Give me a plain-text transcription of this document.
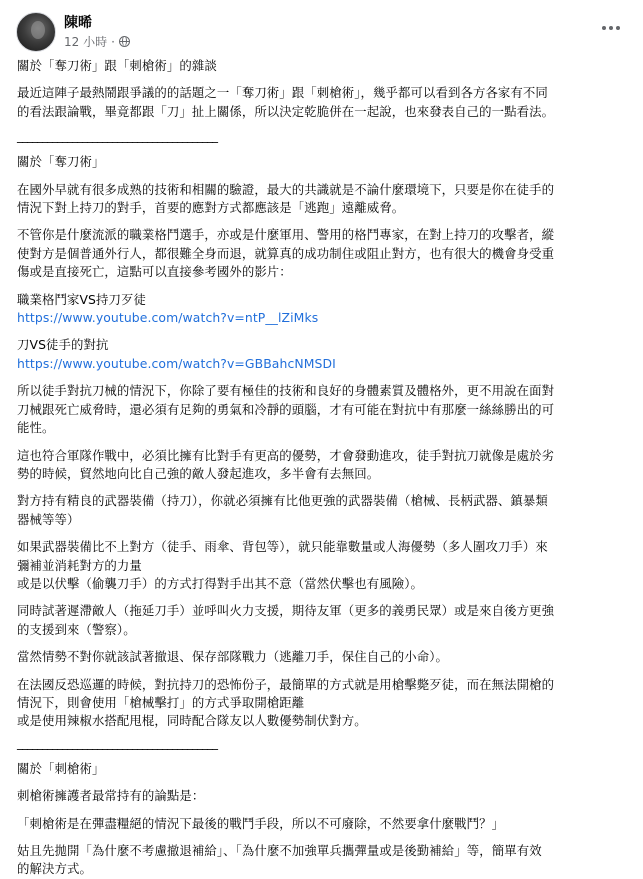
陳晞
12 小時 ·

關於「奪刀術」跟「刺槍術」的雜談

最近這陣子最熱鬧跟爭議的的話題之一「奪刀術」跟「刺槍術」，幾乎都可以看到各方各家有不同

的看法跟論戰，畢竟都跟「刀」扯上關係，所以決定乾脆併在一起說，也來發表自己的一點看法。

________________________________________

關於「奪刀術」

在國外早就有很多成熟的技術和相關的驗證，最大的共識就是不論什麼環境下，只要是你在徒手的

情況下對上持刀的對手，首要的應對方式都應該是「逃跑」遠離威脅。

不管你是什麼流派的職業格鬥選手，亦或是什麼軍用、警用的格鬥專家，在對上持刀的攻擊者，縱

使對方是個普通外行人，都很難全身而退，就算真的成功制住或阻止對方，也有很大的機會身受重

傷或是直接死亡，這點可以直接參考國外的影片：

職業格鬥家VS持刀歹徒

https://www.youtube.com/watch?v=ntP__lZiMks

刀VS徒手的對抗

https://www.youtube.com/watch?v=GBBahcNMSDI

所以徒手對抗刀械的情況下，你除了要有極佳的技術和良好的身體素質及體格外，更不用說在面對

刀械跟死亡威脅時，還必須有足夠的勇氣和冷靜的頭腦，才有可能在對抗中有那麼一絲絲勝出的可

能性。

這也符合軍隊作戰中，必須比擁有比對手有更高的優勢，才會發動進攻，徒手對抗刀就像是處於劣

勢的時候，貿然地向比自己強的敵人發起進攻，多半會有去無回。

對方持有精良的武器裝備（持刀），你就必須擁有比他更強的武器裝備（槍械、長柄武器、鎮暴類

器械等等）

如果武器裝備比不上對方（徒手、雨傘、背包等），就只能靠數量或人海優勢（多人圍攻刀手）來

彌補並消耗對方的力量

或是以伏擊（偷襲刀手）的方式打得對手出其不意（當然伏擊也有風險）。

同時試著遲滯敵人（拖延刀手）並呼叫火力支援，期待友軍（更多的義勇民眾）或是來自後方更強

的支援到來（警察）。

當然情勢不對你就該試著撤退、保存部隊戰力（逃離刀手，保住自己的小命）。

在法國反恐巡邏的時候，對抗持刀的恐怖份子，最簡單的方式就是用槍擊斃歹徒，而在無法開槍的

情況下，則會使用「槍械擊打」的方式爭取開槍距離

或是使用辣椒水搭配甩棍，同時配合隊友以人數優勢制伏對方。

________________________________________

關於「刺槍術」

刺槍術擁護者最常持有的論點是：

「刺槍術是在彈盡糧絕的情況下最後的戰鬥手段，所以不可廢除，不然要拿什麼戰鬥？」

姑且先拋開「為什麼不考慮撤退補給」、「為什麼不加強單兵攜彈量或是後勤補給」等，簡單有效

的解決方式。
